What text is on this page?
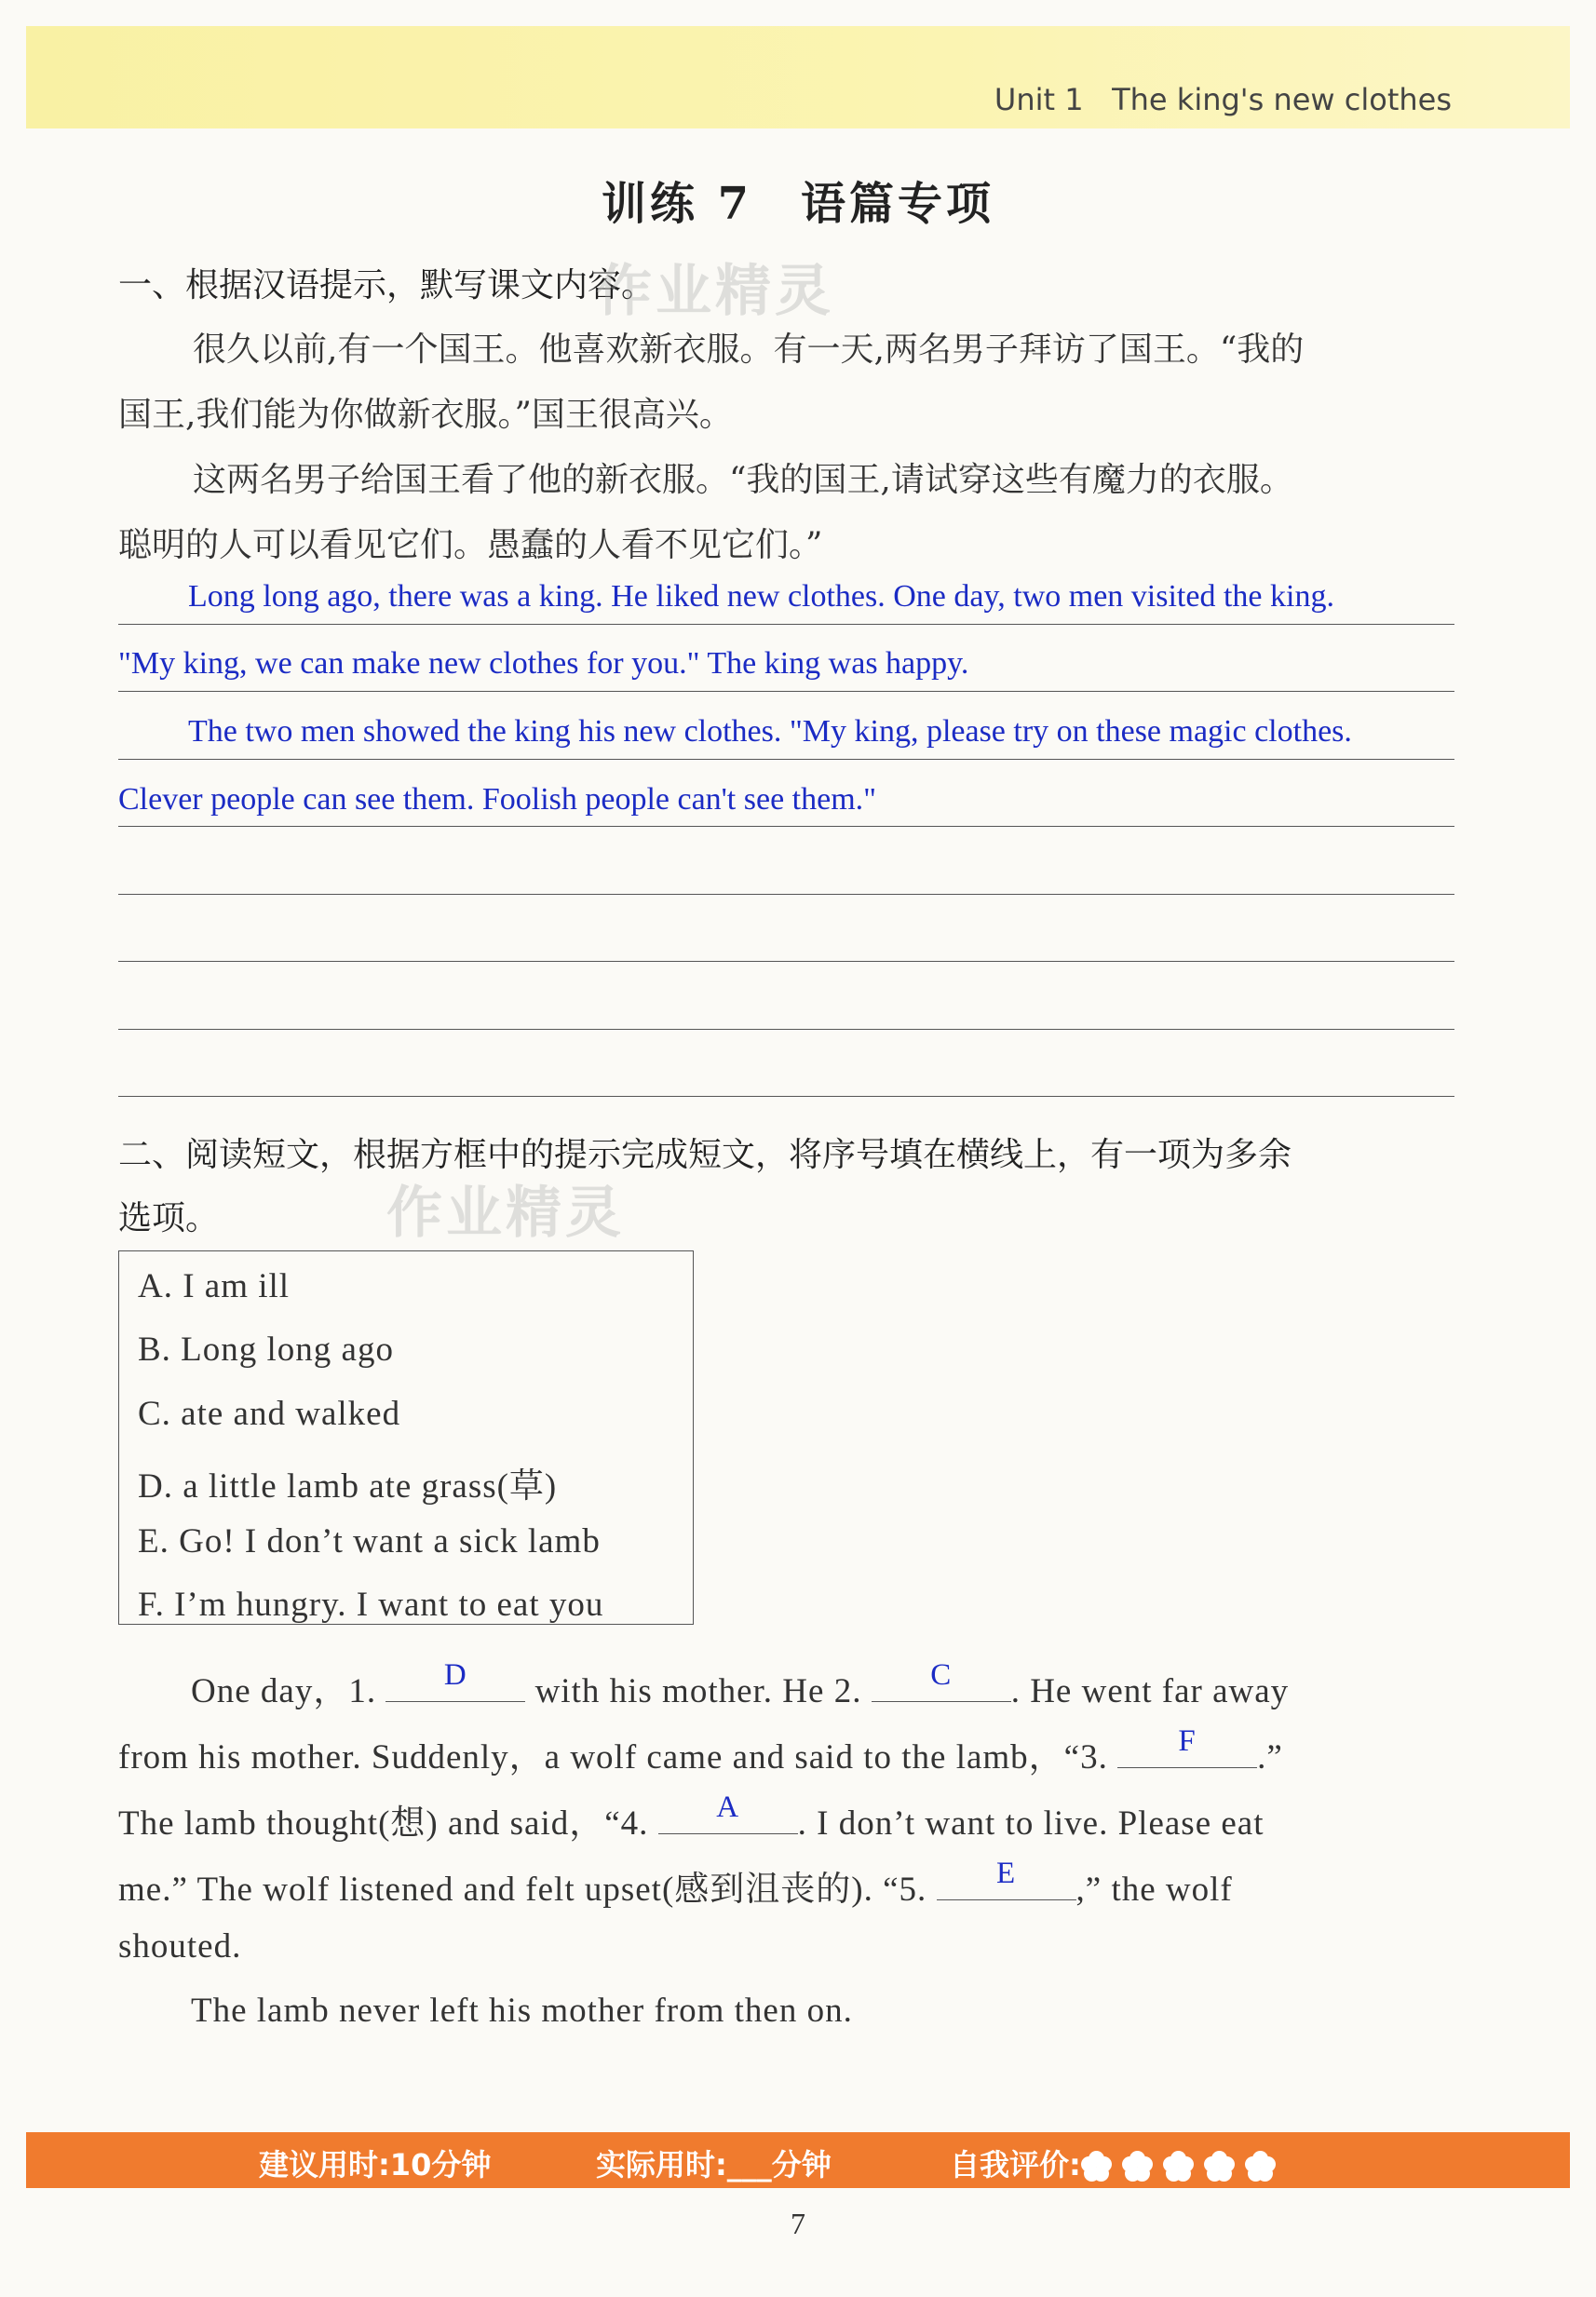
Unit 1 The king's new clothes
训练 7　语篇专项
一、根据汉语提示，默写课文内容。
作业精灵
很久以前,有一个国王。他喜欢新衣服。有一天,两名男子拜访了国王。“我的
国王,我们能为你做新衣服。”国王很高兴。
这两名男子给国王看了他的新衣服。“我的国王,请试穿这些有魔力的衣服。
聪明的人可以看见它们。愚蠢的人看不见它们。”
Long long ago, there was a king. He liked new clothes. One day, two men visited the king.
"My king, we can make new clothes for you." The king was happy.
The two men showed the king his new clothes. "My king, please try on these magic clothes.
Clever people can see them. Foolish people can't see them."
二、阅读短文，根据方框中的提示完成短文，将序号填在横线上，有一项为多余
选项。	作业精灵
A. I am ill
B. Long long ago
C. ate and walked
D. a little lamb ate grass(草)
E. Go! I don’t want a sick lamb
F. I’m hungry. I want to eat you
One day，1.	D	with his mother. He 2.	C	. He went far away
from his mother. Suddenly，a wolf came and said to the lamb，“3.	F	.”
The lamb thought(想) and said，“4.	A	. I don’t want to live. Please eat
me.” The wolf listened and felt upset(感到沮丧的). “5.	E	,” the wolf
shouted.
The lamb never left his mother from then on.
建议用时:10分钟	实际用时:___分钟	自我评价:
7
